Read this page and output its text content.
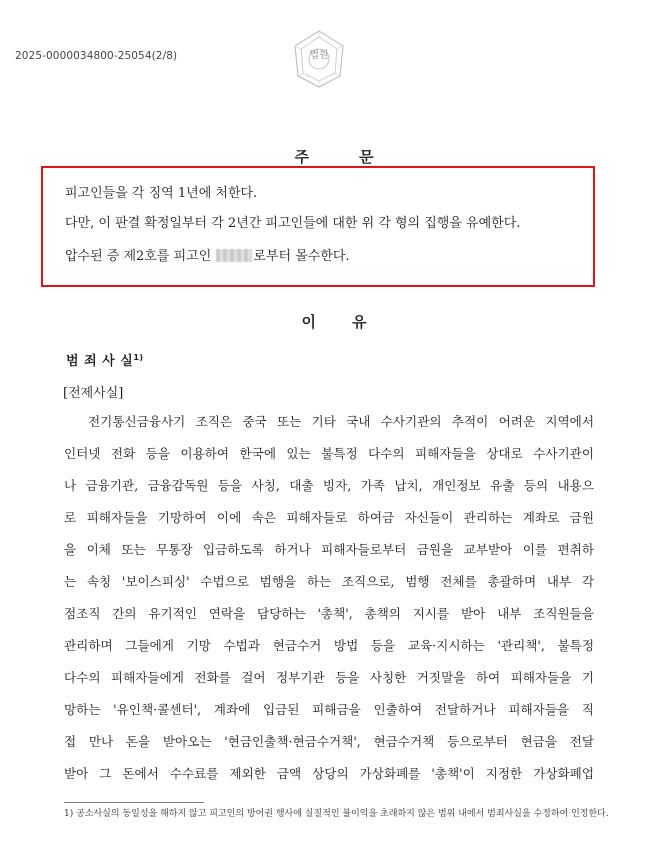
2025-0000034800-25054(2/8)	법원
주	문
피고인들을 각 징역 1년에 처한다.
다만, 이 판결 확정일부터 각 2년간 피고인들에 대한 위 각 형의 집행을 유예한다.
압수된 증 제2호를 피고인	로부터 몰수한다.
이 유
범 죄 사 실$^{1)}$
[전제사실]
전기통신금융사기 조직은 중국 또는 기타 국내 수사기관의 추적이 어려운 지역에서
인터넷 전화 등을 이용하여 한국에 있는 불특정 다수의 피해자들을 상대로 수사기관이
나 금융기관, 금융감독원 등을 사칭, 대출 빙자, 가족 납치, 개인정보 유출 등의 내용으
로 피해자들을 기망하여 이에 속은 피해자들로 하여금 자신들이 관리하는 계좌로 금원
을 이체 또는 무통장 입금하도록 하거나 피해자들로부터 금원을 교부받아 이를 편취하
는 속칭 '보이스피싱' 수법으로 범행을 하는 조직으로, 범행 전체를 총괄하며 내부 각
점조직 간의 유기적인 연락을 담당하는 '총책', 총책의 지시를 받아 내부 조직원들을
관리하며 그들에게 기망 수법과 현금수거 방법 등을 교육·지시하는 '관리책', 불특정
다수의 피해자들에게 전화를 걸어 정부기관 등을 사칭한 거짓말을 하여 피해자들을 기
망하는 '유인책·콜센터', 계좌에 입금된 피해금을 인출하여 전달하거나 피해자들을 직
접 만나 돈을 받아오는 '현금인출책·현금수거책', 현금수거책 등으로부터 현금을 전달
받아 그 돈에서 수수료를 제외한 금액 상당의 가상화폐를 '총책'이 지정한 가상화폐업
1) 공소사실의 동일성을 해하지 않고 피고인의 방어권 행사에 실질적인 불이익을 초래하지 않은 범위 내에서 범죄사실을 수정하여 인정한다.
